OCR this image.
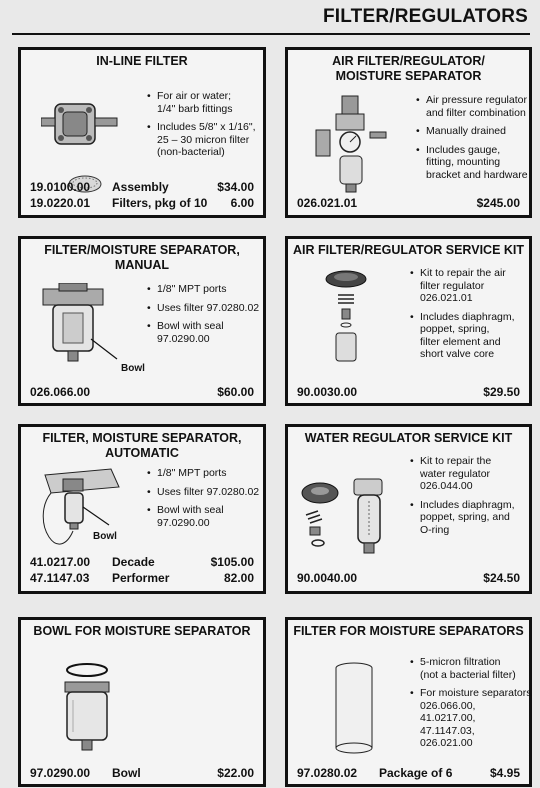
FILTER/REGULATORS
IN-LINE FILTER
• For air or water;
1/4" barb fittings
• Includes 5/8" x 1/16",
25 – 30 micron filter
(non-bacterial)
19.0100.00 Assembly	$34.00
19.0220.01 Filters, pkg of 10 6.00
AIR FILTER/REGULATOR/
MOISTURE SEPARATOR
• Air pressure regulator
and filter combination
• Manually drained
• Includes gauge,
fitting, mounting
bracket and hardware
026.021.01	$245.00
FILTER/MOISTURE SEPARATOR,
MANUAL
Bowl
• 1/8" MPT ports
• Uses filter 97.0280.02
• Bowl with seal
97.0290.00
026.066.00	$60.00
AIR FILTER/REGULATOR SERVICE KIT
• Kit to repair the air
filter regulator
026.021.01
• Includes diaphragm,
poppet, spring,
filter element and
short valve core
90.0030.00	$29.50
FILTER, MOISTURE SEPARATOR,
AUTOMATIC
Bowl
• 1/8" MPT ports
• Uses filter 97.0280.02
• Bowl with seal
97.0290.00
41.0217.00 Decade	$105.00
47.1147.03 Performer	82.00
WATER REGULATOR SERVICE KIT
• Kit to repair the
water regulator
026.044.00
• Includes diaphragm,
poppet, spring, and
O-ring
90.0040.00	$24.50
BOWL FOR MOISTURE SEPARATOR
97.0290.00 Bowl	$22.00
FILTER FOR MOISTURE SEPARATORS
• 5-micron filtration
(not a bacterial filter)
• For moisture separators
026.066.00,
41.0217.00,
47.1147.03,
026.021.00
97.0280.02 Package of 6	$4.95
